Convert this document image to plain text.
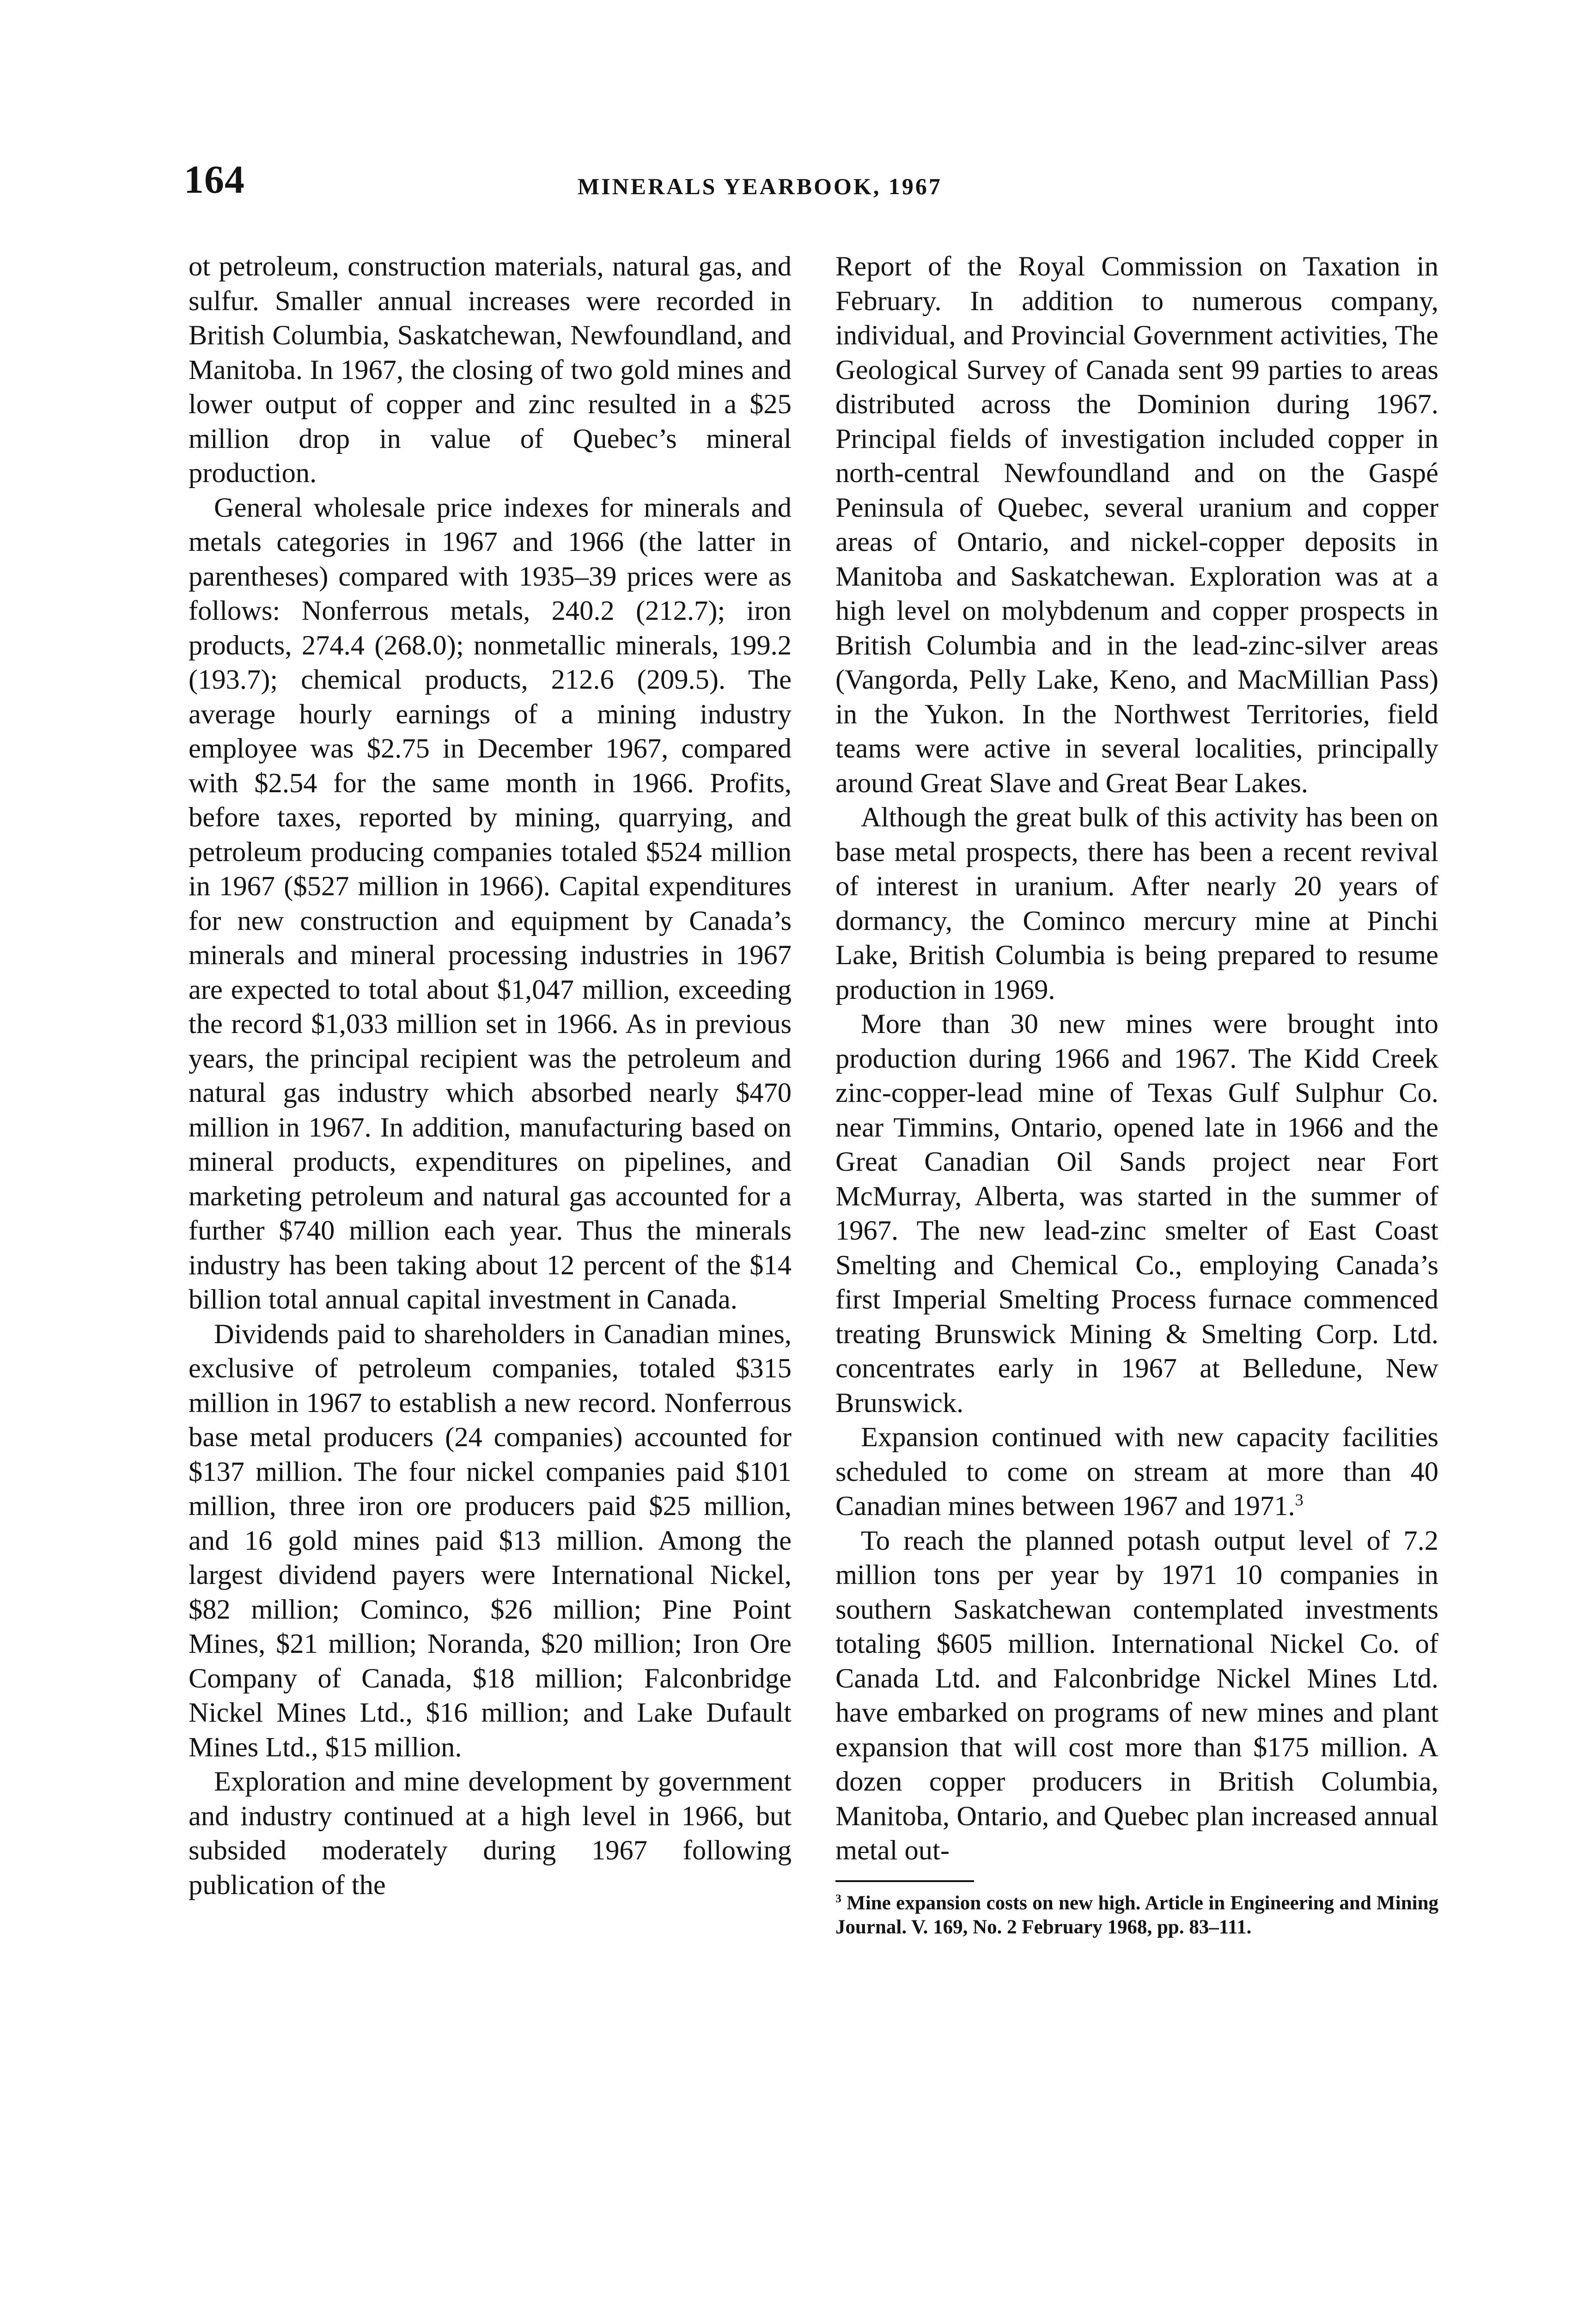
164	MINERALS YEARBOOK, 1967

ot petroleum, construction materials, natural gas, and sulfur. Smaller annual increases were recorded in British Columbia, Saskatchewan, Newfoundland, and Manitoba. In 1967, the closing of two gold mines and lower output of copper and zinc resulted in a $25 million drop in value of Quebec’s mineral production.

General wholesale price indexes for minerals and metals categories in 1967 and 1966 (the latter in parentheses) compared with 1935–39 prices were as follows: Nonferrous metals, 240.2 (212.7); iron products, 274.4 (268.0); nonmetallic minerals, 199.2 (193.7); chemical products, 212.6 (209.5). The average hourly earnings of a mining industry employee was $2.75 in December 1967, compared with $2.54 for the same month in 1966. Profits, before taxes, reported by mining, quarrying, and petroleum producing companies totaled $524 million in 1967 ($527 million in 1966). Capital expenditures for new construction and equipment by Canada’s minerals and mineral processing industries in 1967 are expected to total about $1,047 million, exceeding the record $1,033 million set in 1966. As in previous years, the principal recipient was the petroleum and natural gas industry which absorbed nearly $470 million in 1967. In addition, manufacturing based on mineral products, expenditures on pipelines, and marketing petroleum and natural gas accounted for a further $740 million each year. Thus the minerals industry has been taking about 12 percent of the $14 billion total annual capital investment in Canada.

Dividends paid to shareholders in Canadian mines, exclusive of petroleum companies, totaled $315 million in 1967 to establish a new record. Nonferrous base metal producers (24 companies) accounted for $137 million. The four nickel companies paid $101 million, three iron ore producers paid $25 million, and 16 gold mines paid $13 million. Among the largest dividend payers were International Nickel, $82 million; Cominco, $26 million; Pine Point Mines, $21 million; Noranda, $20 million; Iron Ore Company of Canada, $18 million; Falconbridge Nickel Mines Ltd., $16 million; and Lake Dufault Mines Ltd., $15 million.

Exploration and mine development by government and industry continued at a high level in 1966, but subsided moderately during 1967 following publication of the

Report of the Royal Commission on Taxation in February. In addition to numerous company, individual, and Provincial Government activities, The Geological Survey of Canada sent 99 parties to areas distributed across the Dominion during 1967. Principal fields of investigation included copper in north-central Newfoundland and on the Gaspé Peninsula of Quebec, several uranium and copper areas of Ontario, and nickel-copper deposits in Manitoba and Saskatchewan. Exploration was at a high level on molybdenum and copper prospects in British Columbia and in the lead-zinc-silver areas (Vangorda, Pelly Lake, Keno, and MacMillian Pass) in the Yukon. In the Northwest Territories, field teams were active in several localities, principally around Great Slave and Great Bear Lakes.

Although the great bulk of this activity has been on base metal prospects, there has been a recent revival of interest in uranium. After nearly 20 years of dormancy, the Cominco mercury mine at Pinchi Lake, British Columbia is being prepared to resume production in 1969.

More than 30 new mines were brought into production during 1966 and 1967. The Kidd Creek zinc-copper-lead mine of Texas Gulf Sulphur Co. near Timmins, Ontario, opened late in 1966 and the Great Canadian Oil Sands project near Fort McMurray, Alberta, was started in the summer of 1967. The new lead-zinc smelter of East Coast Smelting and Chemical Co., employing Canada’s first Imperial Smelting Process furnace commenced treating Brunswick Mining & Smelting Corp. Ltd. concentrates early in 1967 at Belledune, New Brunswick.

Expansion continued with new capacity facilities scheduled to come on stream at more than 40 Canadian mines between 1967 and 1971.$^3$

To reach the planned potash output level of 7.2 million tons per year by 1971 10 companies in southern Saskatchewan contemplated investments totaling $605 million. International Nickel Co. of Canada Ltd. and Falconbridge Nickel Mines Ltd. have embarked on programs of new mines and plant expansion that will cost more than $175 million. A dozen copper producers in British Columbia, Manitoba, Ontario, and Quebec plan increased annual metal out-

$^3$ Mine expansion costs on new high. Article in Engineering and Mining Journal. V. 169, No. 2 February 1968, pp. 83–111.
